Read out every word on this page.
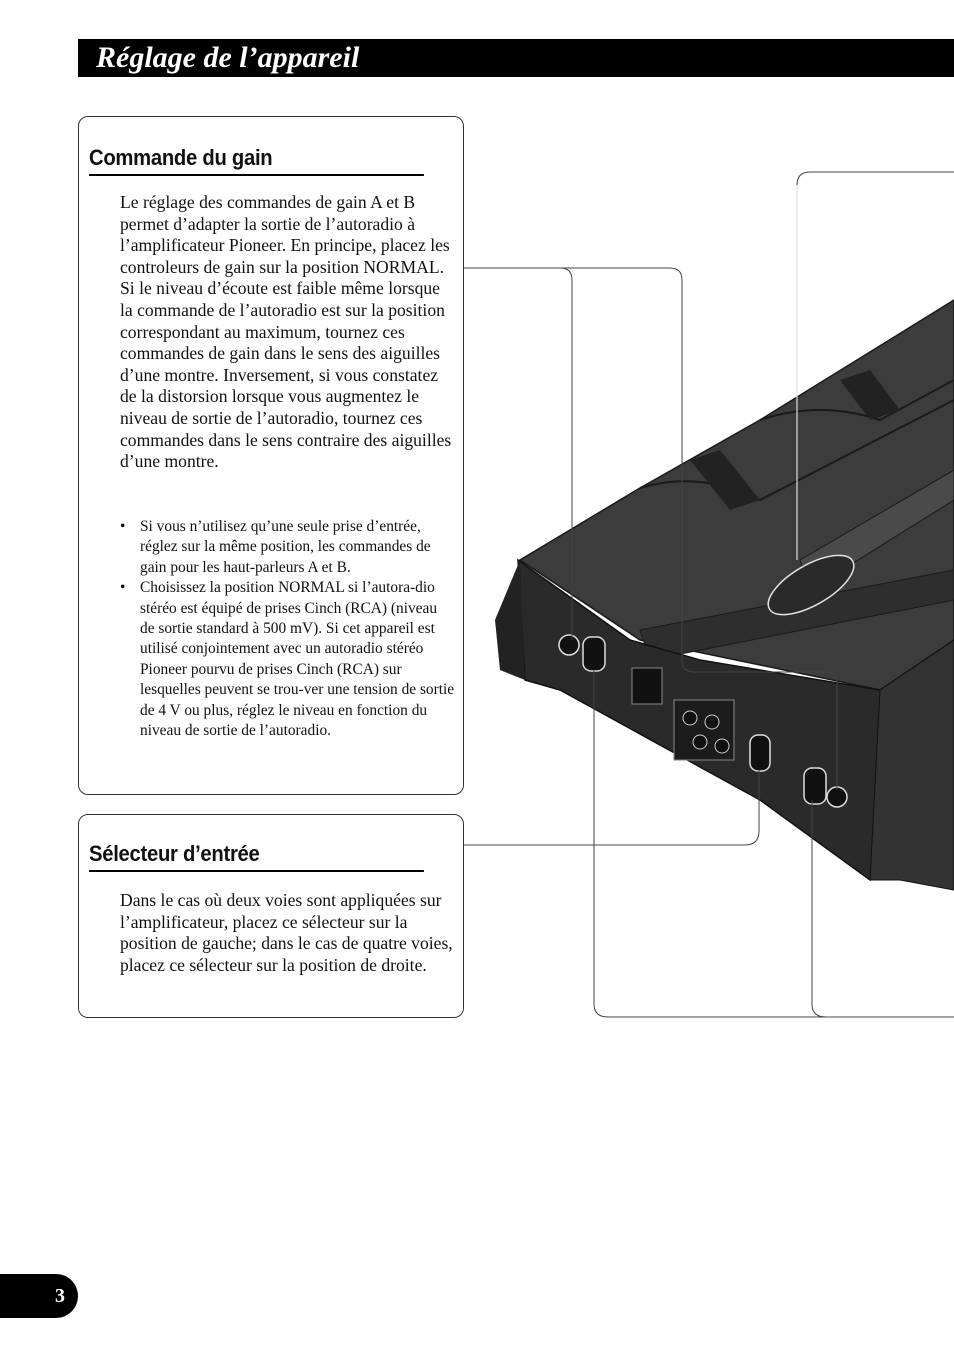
Réglage de l’appareil
Commande du gain

Le réglage des commandes de gain A et B permet d’adapter la sortie de l’autoradio à l’amplificateur Pioneer. En principe, placez les controleurs de gain sur la position NORMAL. Si le niveau d’écoute est faible même lorsque la commande de l’autoradio est sur la position correspondant au maximum, tournez ces commandes de gain dans le sens des aiguilles d’une montre. Inversement, si vous constatez de la distorsion lorsque vous augmentez le niveau de sortie de l’autoradio, tournez ces commandes dans le sens contraire des aiguilles d’une montre.

• Si vous n’utilisez qu’une seule prise d’entrée, réglez sur la même position, les commandes de gain pour les haut-parleurs A et B.
• Choisissez la position NORMAL si l’autora-dio stéréo est équipé de prises Cinch (RCA) (niveau de sortie standard à 500 mV). Si cet appareil est utilisé conjointement avec un autoradio stéréo Pioneer pourvu de prises Cinch (RCA) sur lesquelles peuvent se trou-ver une tension de sortie de 4 V ou plus, réglez le niveau en fonction du niveau de sortie de l’autoradio.
Sélecteur d’entrée

Dans le cas où deux voies sont appliquées sur l’amplificateur, placez ce sélecteur sur la position de gauche; dans le cas de quatre voies, placez ce sélecteur sur la position de droite.

3
